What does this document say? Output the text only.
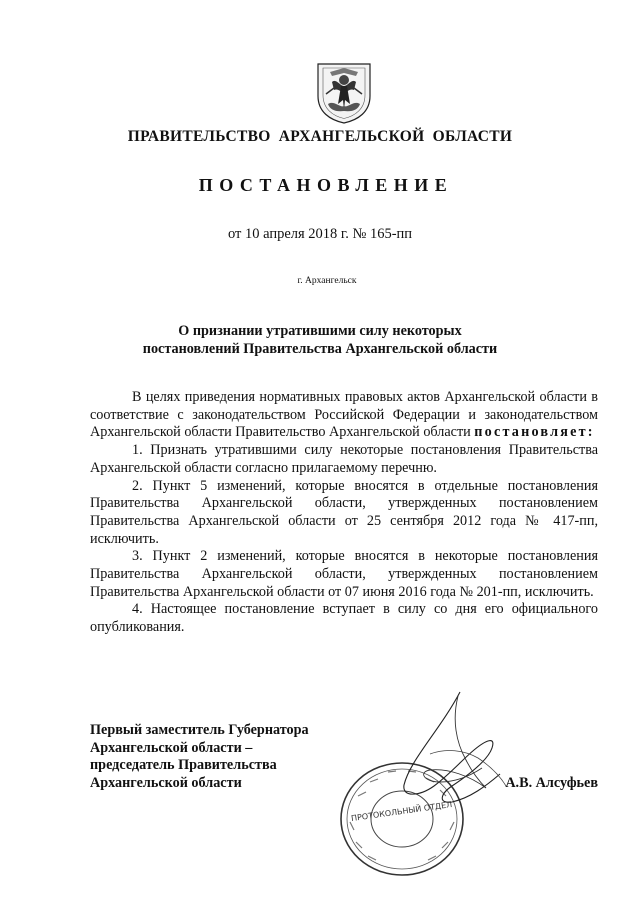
ПРАВИТЕЛЬСТВО АРХАНГЕЛЬСКОЙ ОБЛАСТИ
ПОСТАНОВЛЕНИЕ
от 10 апреля 2018 г. № 165-пп
г. Архангельск
О признании утратившими силу некоторых
постановлений Правительства Архангельской области

В целях приведения нормативных правовых актов Архангельской области в соответствие с законодательством Российской Федерации и законодательством Архангельской области Правительство Архангельской области постановляет:

1. Признать утратившими силу некоторые постановления Правительства Архангельской области согласно прилагаемому перечню.

2. Пункт 5 изменений, которые вносятся в отдельные постановления Правительства Архангельской области, утвержденных постановлением Правительства Архангельской области от 25 сентября 2012 года № 417-пп, исключить.

3. Пункт 2 изменений, которые вносятся в некоторые постановления Правительства Архангельской области, утвержденных постановлением Правительства Архангельской области от 07 июня 2016 года № 201-пп, исключить.

4. Настоящее постановление вступает в силу со дня его официального опубликования.

Первый заместитель Губернатора
Архангельской области –
председатель Правительства
Архангельской области
ПРОТОКОЛЬНЫЙ ОТДЕЛ
А.В. Алсуфьев
